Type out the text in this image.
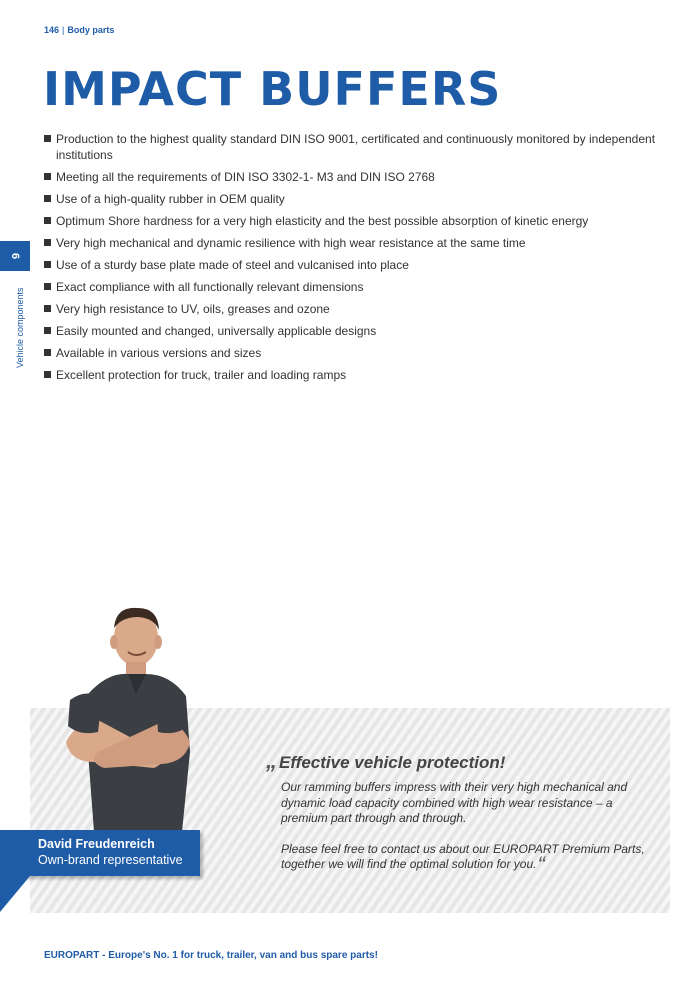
146 | Body parts
IMPACT BUFFERS
Production to the highest quality standard DIN ISO 9001, certificated and continuously monitored by independent institutions
Meeting all the requirements of DIN ISO 3302-1- M3 and DIN ISO 2768
Use of a high-quality rubber in OEM quality
Optimum Shore hardness for a very high elasticity and the best possible absorption of kinetic energy
Very high mechanical and dynamic resilience with high wear resistance at the same time
Use of a sturdy base plate made of steel and vulcanised into place
Exact compliance with all functionally relevant dimensions
Very high resistance to UV, oils, greases and ozone
Easily mounted and changed, universally applicable designs
Available in various versions and sizes
Excellent protection for truck, trailer and loading ramps
6
Vehicle components
„ Effective vehicle protection!

Our ramming buffers impress with their very high mechanical and dynamic load capacity combined with high wear resistance – a premium part through and through.

Please feel free to contact us about our EUROPART Premium Parts, together we will find the optimal solution for you.“

David Freudenreich
Own-brand representative
EUROPART - Europe's No. 1 for truck, trailer, van and bus spare parts!
